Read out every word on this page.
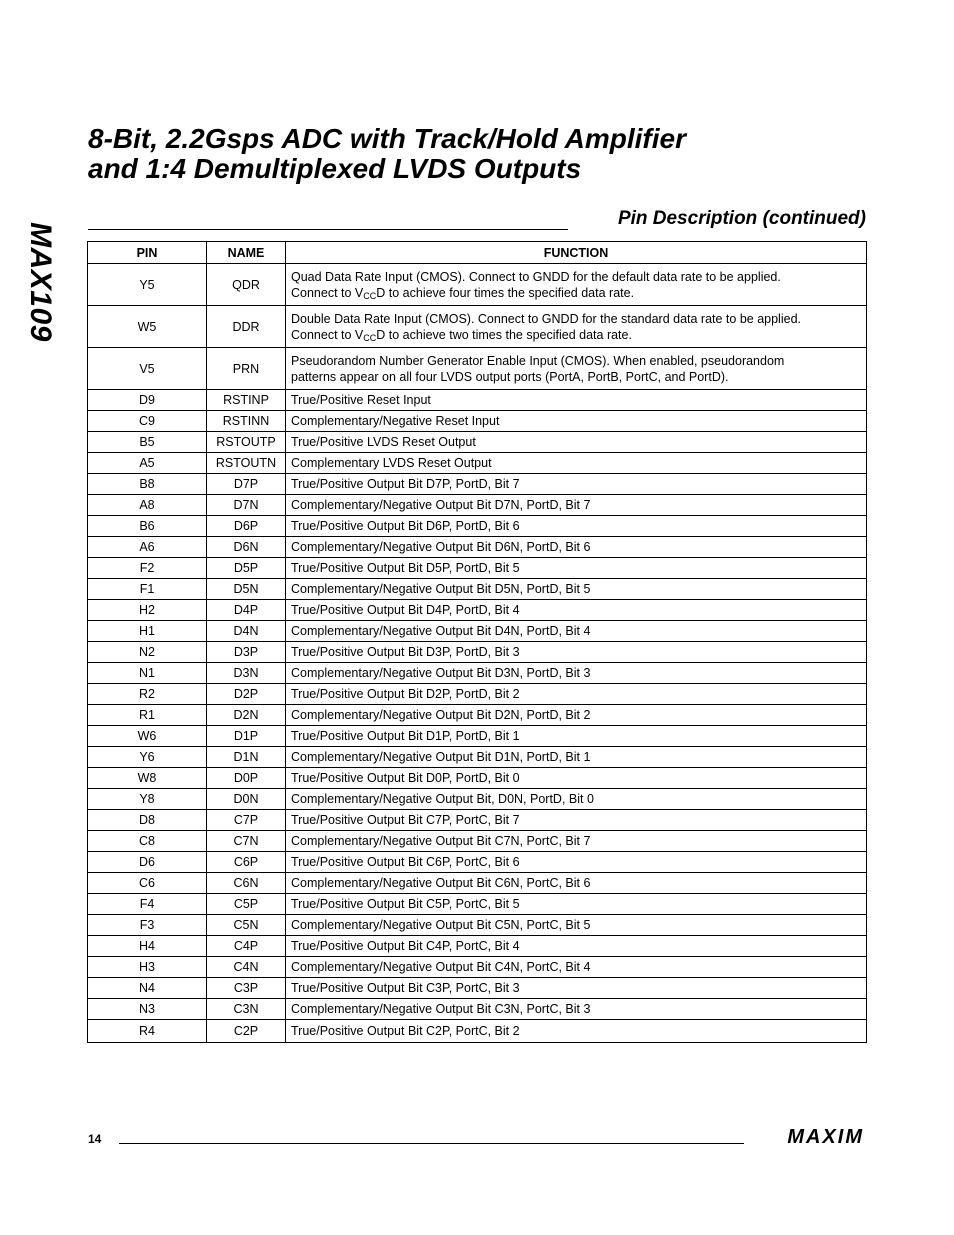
MAX109
8-Bit, 2.2Gsps ADC with Track/Hold Amplifier
and 1:4 Demultiplexed LVDS Outputs
Pin Description (continued)
PIN	NAME	FUNCTION
Y5	QDR	Quad Data Rate Input (CMOS). Connect to GNDD for the default data rate to be applied.
Connect to $V_{CC}D$ to achieve four times the specified data rate.
W5	DDR	Double Data Rate Input (CMOS). Connect to GNDD for the standard data rate to be applied.
Connect to $V_{CC}D$ to achieve two times the specified data rate.
V5	PRN	Pseudorandom Number Generator Enable Input (CMOS). When enabled, pseudorandom
patterns appear on all four LVDS output ports (PortA, PortB, PortC, and PortD).
D9	RSTINP	True/Positive Reset Input
C9	RSTINN	Complementary/Negative Reset Input
B5	RSTOUTP	True/Positive LVDS Reset Output
A5	RSTOUTN	Complementary LVDS Reset Output
B8	D7P	True/Positive Output Bit D7P, PortD, Bit 7
A8	D7N	Complementary/Negative Output Bit D7N, PortD, Bit 7
B6	D6P	True/Positive Output Bit D6P, PortD, Bit 6
A6	D6N	Complementary/Negative Output Bit D6N, PortD, Bit 6
F2	D5P	True/Positive Output Bit D5P, PortD, Bit 5
F1	D5N	Complementary/Negative Output Bit D5N, PortD, Bit 5
H2	D4P	True/Positive Output Bit D4P, PortD, Bit 4
H1	D4N	Complementary/Negative Output Bit D4N, PortD, Bit 4
N2	D3P	True/Positive Output Bit D3P, PortD, Bit 3
N1	D3N	Complementary/Negative Output Bit D3N, PortD, Bit 3
R2	D2P	True/Positive Output Bit D2P, PortD, Bit 2
R1	D2N	Complementary/Negative Output Bit D2N, PortD, Bit 2
W6	D1P	True/Positive Output Bit D1P, PortD, Bit 1
Y6	D1N	Complementary/Negative Output Bit D1N, PortD, Bit 1
W8	D0P	True/Positive Output Bit D0P, PortD, Bit 0
Y8	D0N	Complementary/Negative Output Bit, D0N, PortD, Bit 0
D8	C7P	True/Positive Output Bit C7P, PortC, Bit 7
C8	C7N	Complementary/Negative Output Bit C7N, PortC, Bit 7
D6	C6P	True/Positive Output Bit C6P, PortC, Bit 6
C6	C6N	Complementary/Negative Output Bit C6N, PortC, Bit 6
F4	C5P	True/Positive Output Bit C5P, PortC, Bit 5
F3	C5N	Complementary/Negative Output Bit C5N, PortC, Bit 5
H4	C4P	True/Positive Output Bit C4P, PortC, Bit 4
H3	C4N	Complementary/Negative Output Bit C4N, PortC, Bit 4
N4	C3P	True/Positive Output Bit C3P, PortC, Bit 3
N3	C3N	Complementary/Negative Output Bit C3N, PortC, Bit 3
R4	C2P	True/Positive Output Bit C2P, PortC, Bit 2
14	MAXIM
